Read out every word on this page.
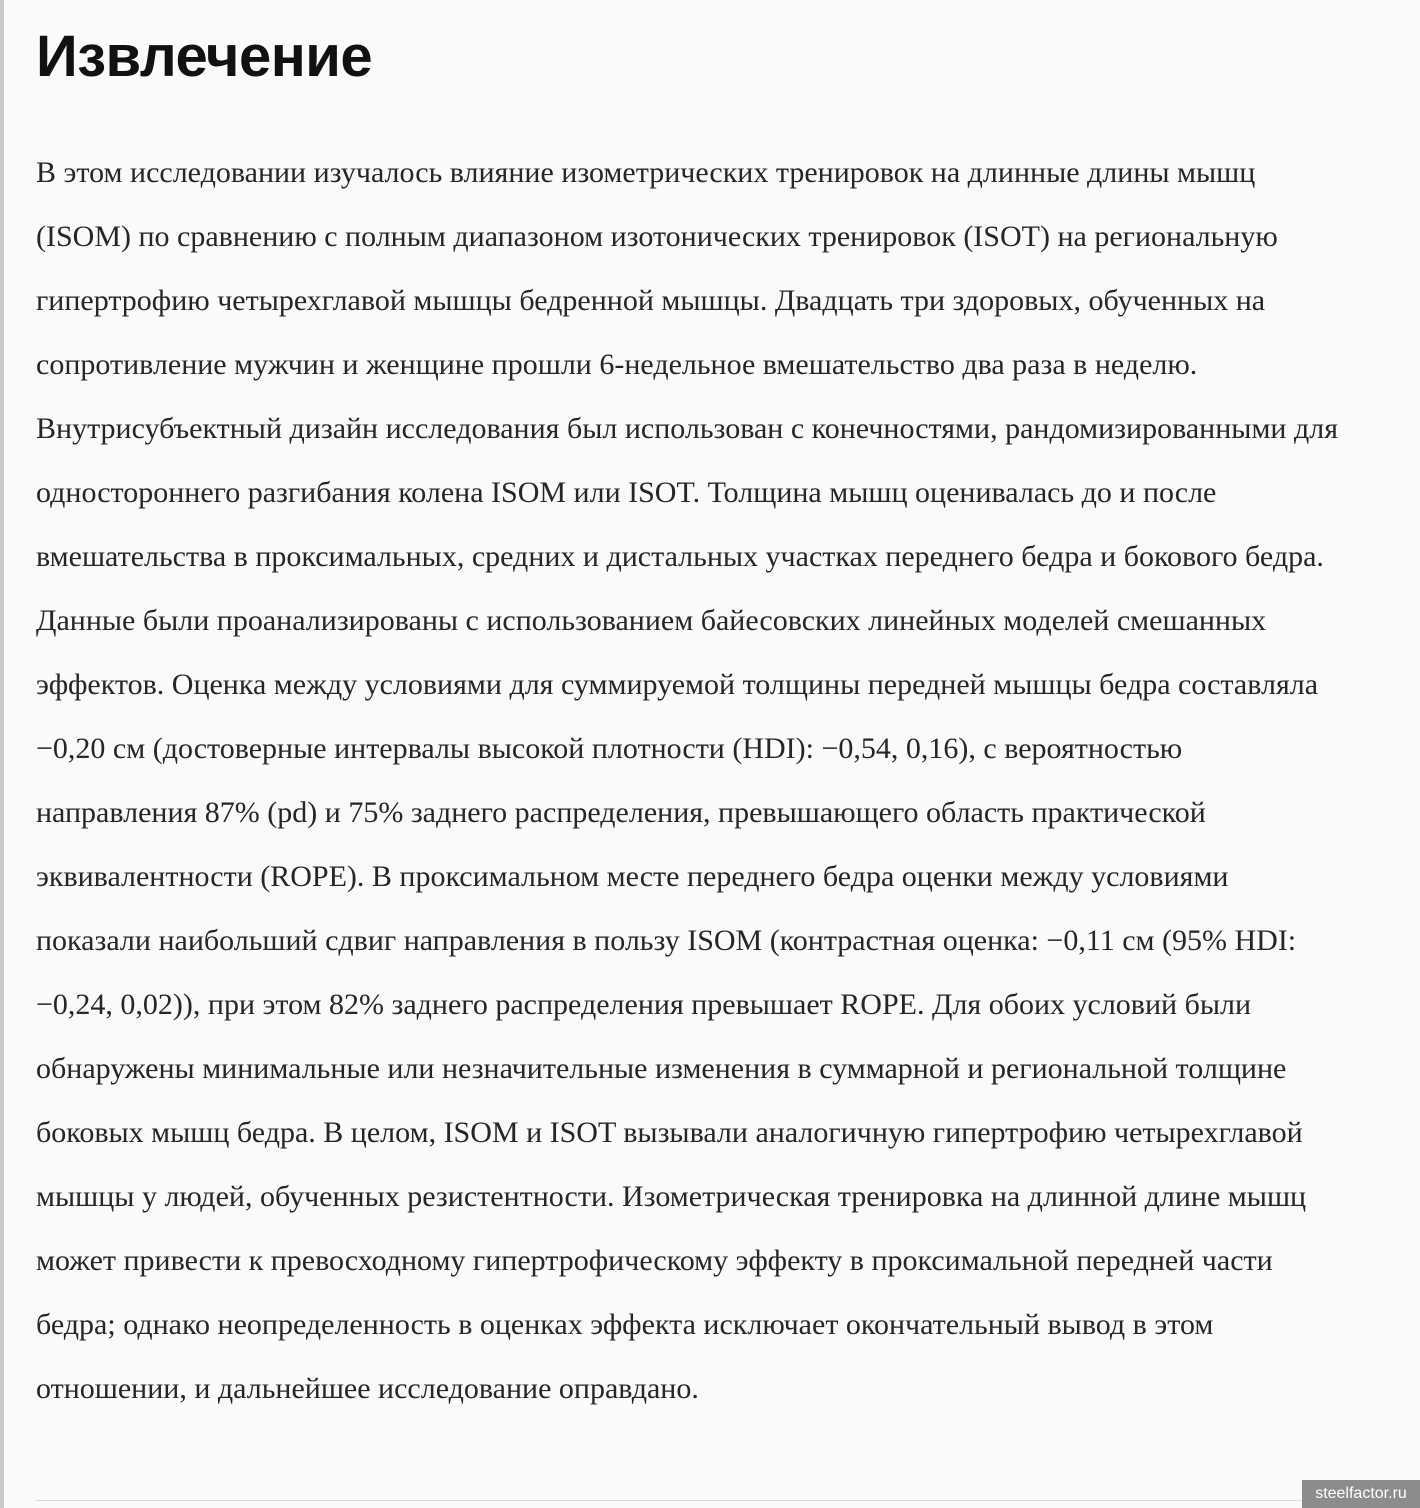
Извлечение

В этом исследовании изучалось влияние изометрических тренировок на длинные длины мышц
(ISOM) по сравнению с полным диапазоном изотонических тренировок (ISOT) на региональную
гипертрофию четырехглавой мышцы бедренной мышцы. Двадцать три здоровых, обученных на
сопротивление мужчин и женщине прошли 6-недельное вмешательство два раза в неделю.
Внутрисубъектный дизайн исследования был использован с конечностями, рандомизированными для
одностороннего разгибания колена ISOM или ISOT. Толщина мышц оценивалась до и после
вмешательства в проксимальных, средних и дистальных участках переднего бедра и бокового бедра.
Данные были проанализированы с использованием байесовских линейных моделей смешанных
эффектов. Оценка между условиями для суммируемой толщины передней мышцы бедра составляла
−0,20 см (достоверные интервалы высокой плотности (HDI): −0,54, 0,16), с вероятностью
направления 87% (pd) и 75% заднего распределения, превышающего область практической
эквивалентности (ROPE). В проксимальном месте переднего бедра оценки между условиями
показали наибольший сдвиг направления в пользу ISOM (контрастная оценка: −0,11 см (95% HDI:
−0,24, 0,02)), при этом 82% заднего распределения превышает ROPE. Для обоих условий были
обнаружены минимальные или незначительные изменения в суммарной и региональной толщине
боковых мышц бедра. В целом, ISOM и ISOT вызывали аналогичную гипертрофию четырехглавой
мышцы у людей, обученных резистентности. Изометрическая тренировка на длинной длине мышц
может привести к превосходному гипертрофическому эффекту в проксимальной передней части
бедра; однако неопределенность в оценках эффекта исключает окончательный вывод в этом
отношении, и дальнейшее исследование оправдано.

steelfactor.ru
